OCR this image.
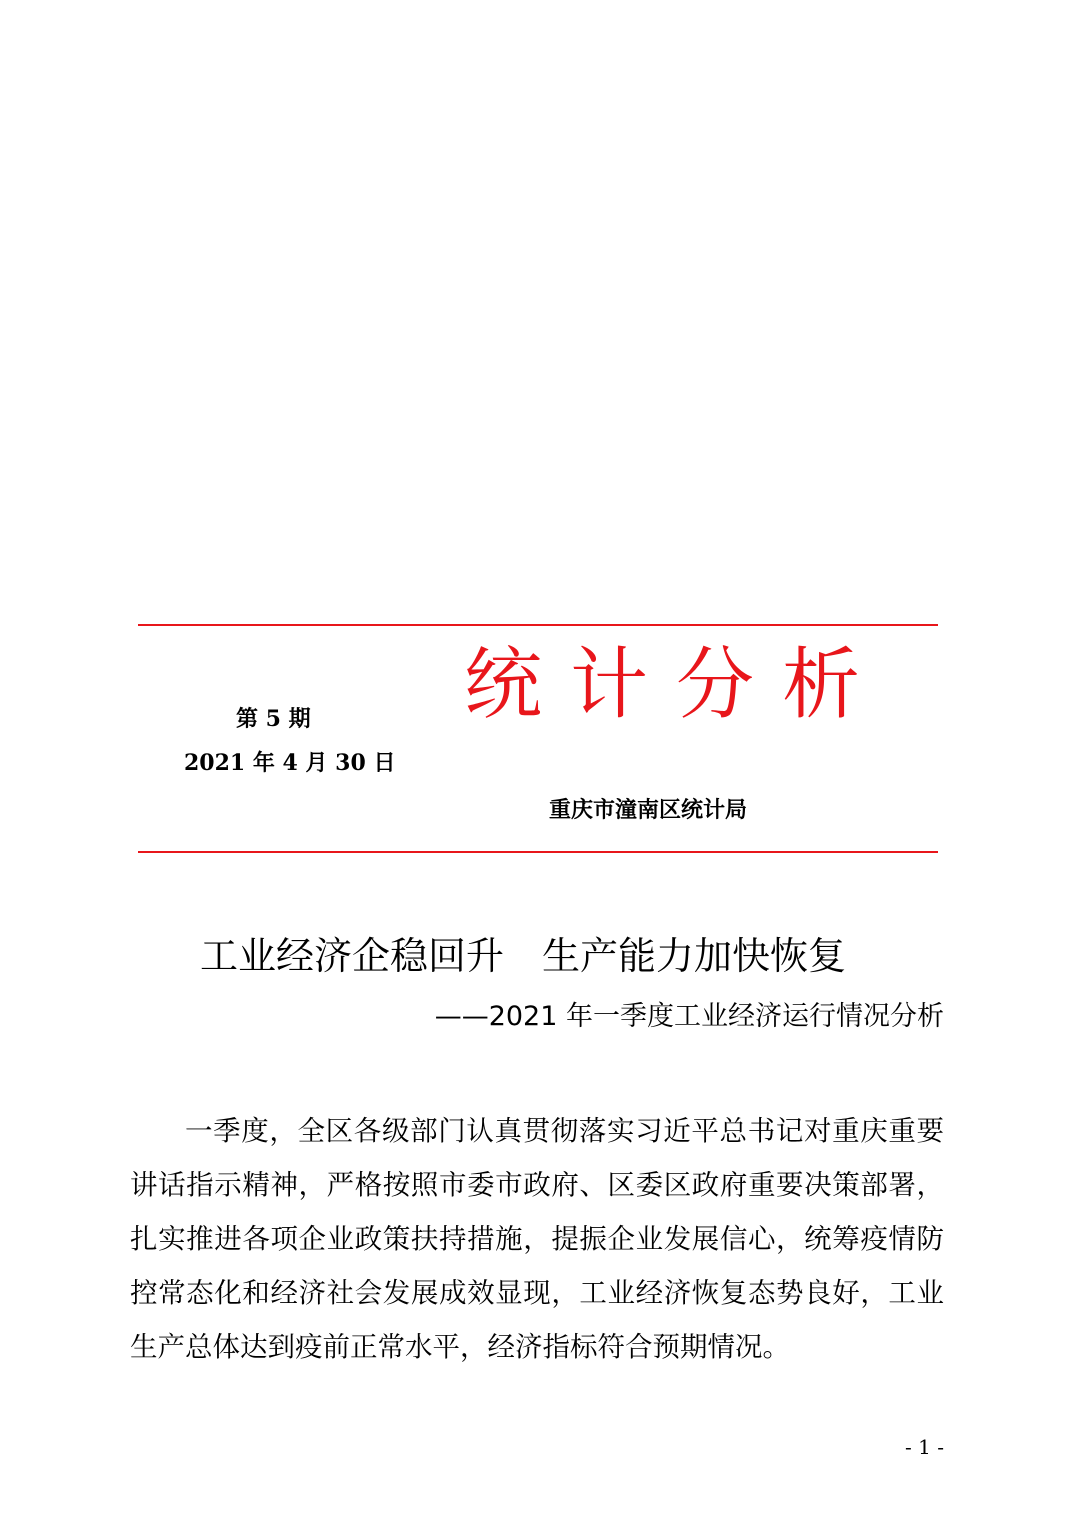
第 5 期
2021 年 4 月 30 日
统计分析
重庆市潼南区统计局
工业经济企稳回升　生产能力加快恢复
——2021 年一季度工业经济运行情况分析

一季度，全区各级部门认真贯彻落实习近平总书记对重庆重要讲话指示精神，严格按照市委市政府、区委区政府重要决策部署，扎实推进各项企业政策扶持措施，提振企业发展信心，统筹疫情防控常态化和经济社会发展成效显现，工业经济恢复态势良好，工业生产总体达到疫前正常水平，经济指标符合预期情况。

- 1 -
